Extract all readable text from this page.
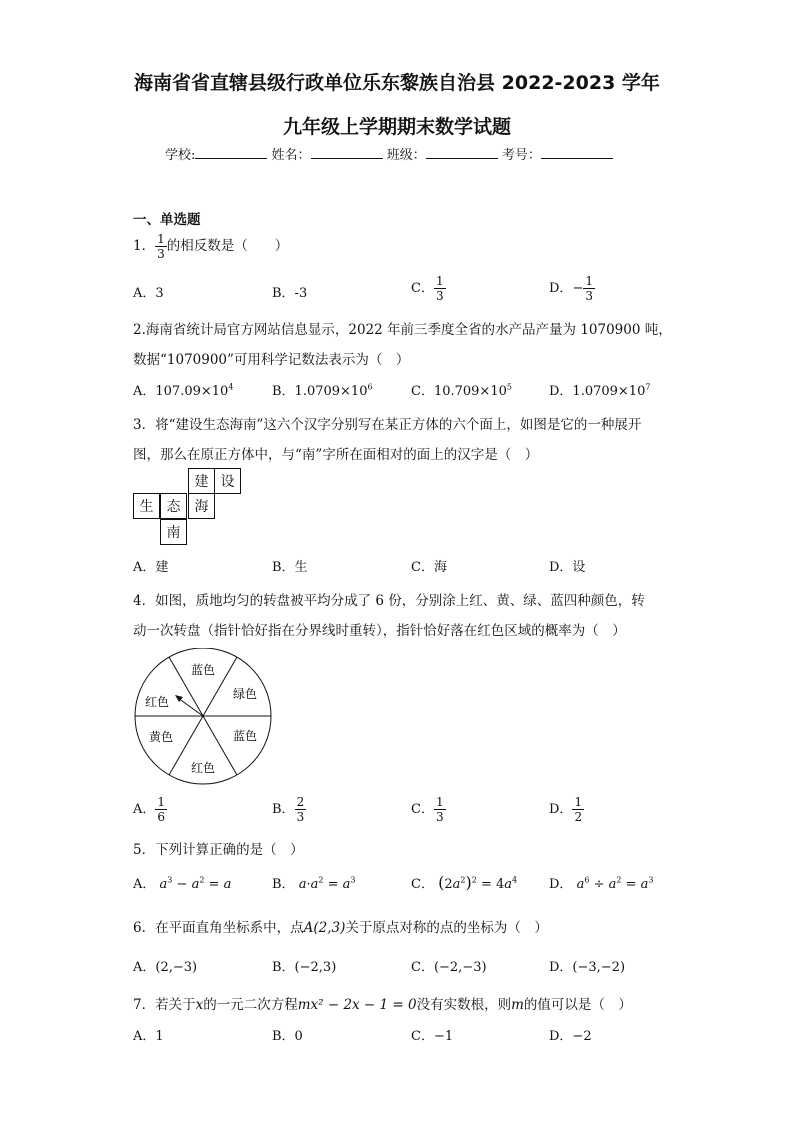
海南省省直辖县级行政单位乐东黎族自治县 2022-2023 学年
九年级上学期期末数学试题
学校:	姓名：	班级：	考号：
一、单选题
1． $\frac{1}{3}$ 的相反数是（　　）
A．3	B．-3	C． $\frac{1}{3}$	D．− $\frac{1}{3}$
2.海南省统计局官方网站信息显示，2022 年前三季度全省的水产品产量为 1070900 吨，
数据“1070900”可用科学记数法表示为（　）
A．$107.09\times 10^4$	B．$1.0709\times 10^6$	C．$10.709\times 10^5$	D．$1.0709\times 10^7$
3．将“建设生态海南”这六个汉字分别写在某正方体的六个面上，如图是它的一种展开
图，那么在原正方体中，与“南”字所在面相对的面上的汉字是（　）
建 设
生 态	海
南
A．建	B．生	C．海	D．设
4．如图，质地均匀的转盘被平均分成了 6 份，分别涂上红、黄、绿、蓝四种颜色，转
动一次转盘（指针恰好指在分界线时重转），指针恰好落在红色区域的概率为（　）
蓝色
绿色
蓝色
红色
黄色
红色
A． $\frac{1}{6}$	B． $\frac{2}{3}$	C． $\frac{1}{3}$	D． $\frac{1}{2}$
5．下列计算正确的是（　）
A． $a^3 - a^2 = a$	B． $a\cdot a^2 = a^3$	C． $(2a^2)^2 = 4a^4$ D． $a^6 \div a^2 = a^3$
6．在平面直角坐标系中，点A(2,3)关于原点对称的点的坐标为（　）
A．(2,−3)	B．(−2,3)	C．(−2,−3)	D．(−3,−2)
7．若关于x的一元二次方程mx² − 2x − 1 = 0没有实数根，则m的值可以是（　）
A．1	B．0	C．−1	D．−2
